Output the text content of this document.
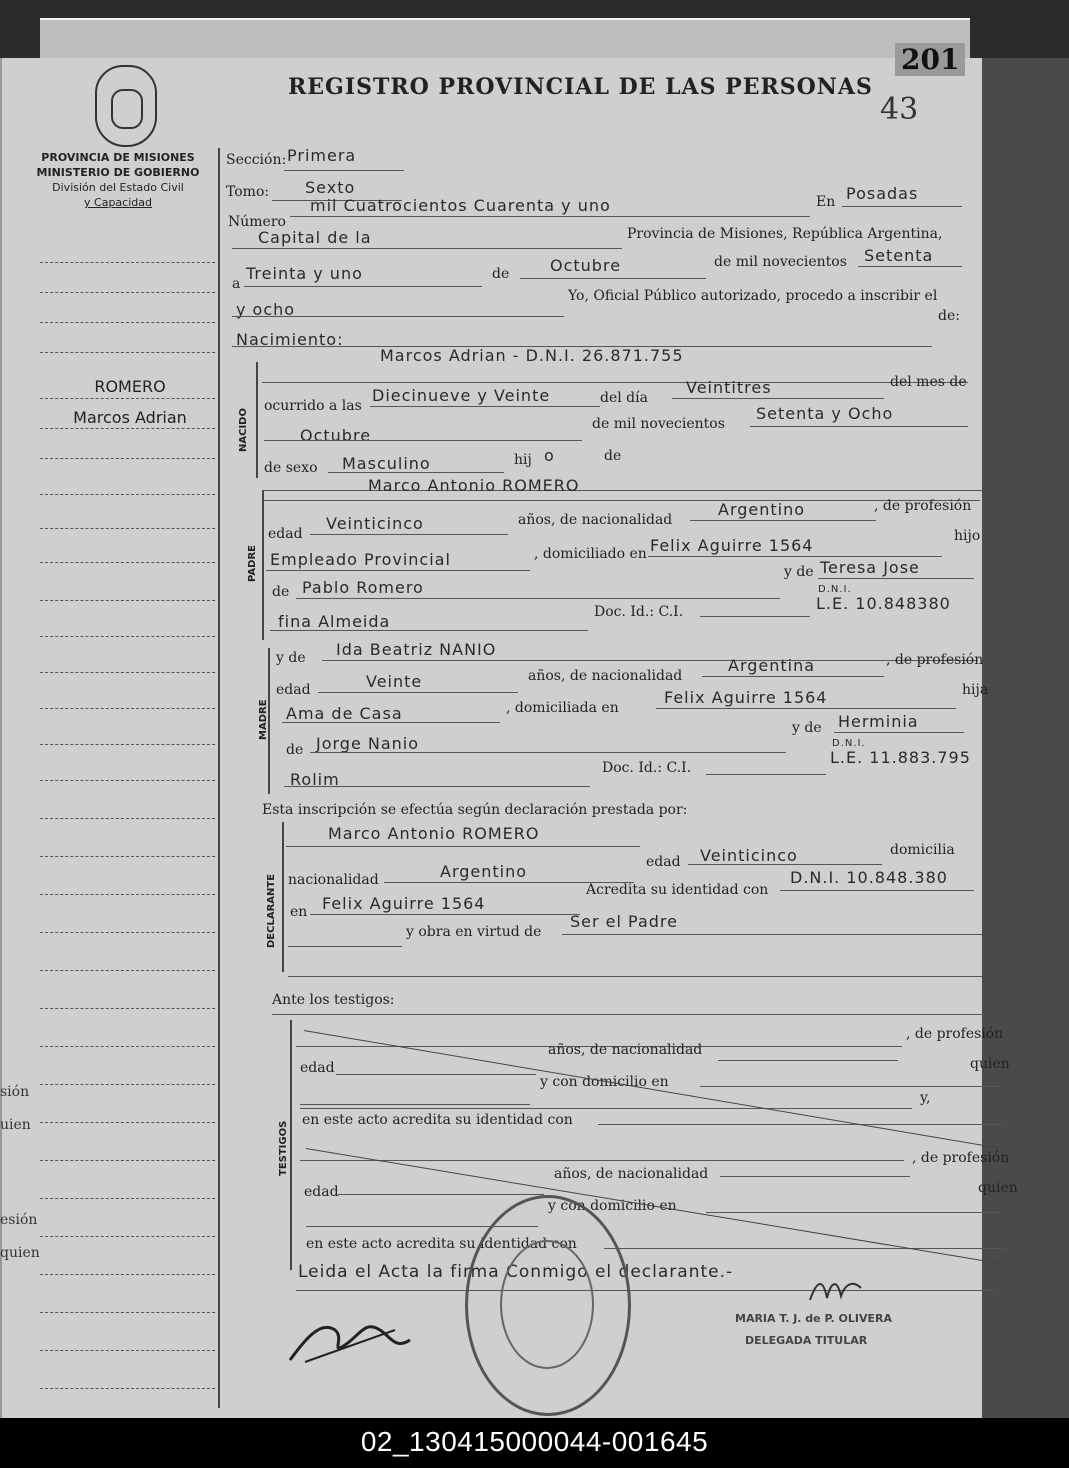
sión
uien
esión
quien
REGISTRO PROVINCIAL DE LAS PERSONAS
201
43
PROVINCIA DE MISIONES
MINISTERIO DE GOBIERNO
División del Estado Civil
y Capacidad
ROMERO
Marcos Adrian
Sección: Primera
Tomo: Sexto
Número
mil Cuatrocientos Cuarenta y uno	En Posadas
Capital de la	Provincia de Misiones, República Argentina,
a
Treinta y uno	de	Octubre	de mil novecientos Setenta
y ocho
Yo, Oficial Público autorizado, procedo a inscribir el
de:
Nacimiento:
NACIDO
Marcos Adrian - D.N.I. 26.871.755
ocurrido a las
Diecinueve y Veinte	del día
Veintitres	del mes de
Octubre
de mil novecientos
Setenta y Ocho
de sexo Masculino	hij o	de
PADRE
Marco Antonio ROMERO
edad
Veinticinco	años, de nacionalidad
Argentino	, de profesión
Empleado Provincial	, domiciliado en Felix Aguirre 1564	hijo
de Pablo Romero
y de Teresa Jose
fina Almeida	Doc. Id.: C.I.
D.N.I.
L.E. 10.848380
MADRE
y de Ida Beatriz NANIO
edad	Veinte	años, de nacionalidad
Argentina	, de profesión
Ama de Casa	, domiciliada en
Felix Aguirre 1564	hija
de Jorge Nanio
y de Herminia
Rolim
Doc. Id.: C.I.
D.N.I.
L.E. 11.883.795
Esta inscripción se efectúa según declaración prestada por:
DECLARANTE
Marco Antonio ROMERO
edad Veinticinco	domicilia
nacionalidad	Argentino
en Felix Aguirre 1564
Acredita su identidad con
D.N.I. 10.848.380
y obra en virtud de
Ser el Padre
Ante los testigos:
TESTIGOS
, de profesión
edad
años, de nacionalidad
quien
y con domicilio en
y,
en este acto acredita su identidad con
, de profesión
edad
años, de nacionalidad
quien
y con domicilio en
en este acto acredita su identidad con
Leida el Acta la firma Conmigo el declarante.-
MARIA T. J. de P. OLIVERA
DELEGADA TITULAR
02_130415000044-001645
